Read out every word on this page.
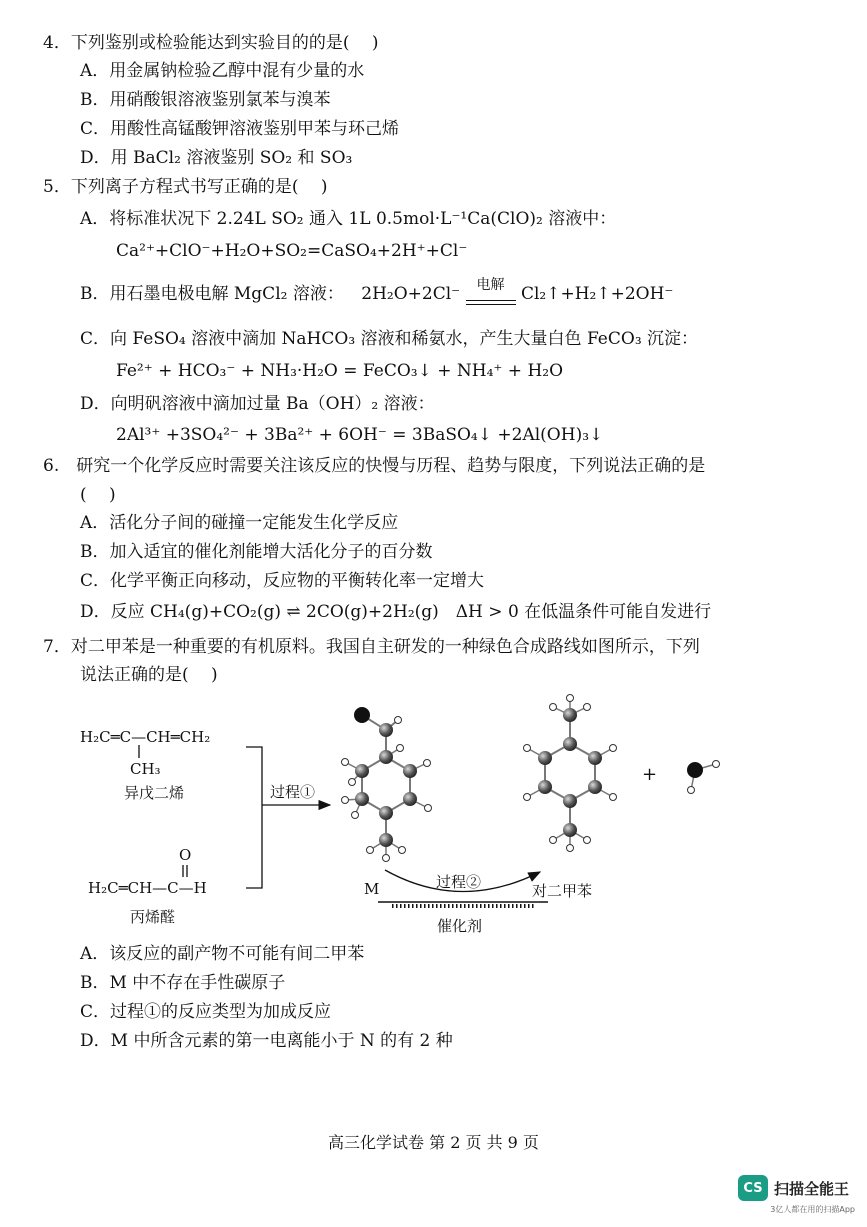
4．下列鉴别或检验能达到实验目的的是(　 )
A．用金属钠检验乙醇中混有少量的水
B．用硝酸银溶液鉴别氯苯与溴苯
C．用酸性高锰酸钾溶液鉴别甲苯与环己烯
D．用 BaCl₂ 溶液鉴别 SO₂ 和 SO₃
5．下列离子方程式书写正确的是(　 )
A．将标准状况下 2.24L SO₂ 通入 1L 0.5mol·L⁻¹Ca(ClO)₂ 溶液中：
Ca²⁺+ClO⁻+H₂O+SO₂=CaSO₄+2H⁺+Cl⁻
B．用石墨电极电解 MgCl₂ 溶液： 2H₂O+2Cl⁻	电解 Cl₂↑+H₂↑+2OH⁻
C．向 FeSO₄ 溶液中滴加 NaHCO₃ 溶液和稀氨水，产生大量白色 FeCO₃ 沉淀：
Fe²⁺ + HCO₃⁻ + NH₃·H₂O = FeCO₃↓ + NH₄⁺ + H₂O
D．向明矾溶液中滴加过量 Ba（OH）₂ 溶液：
2Al³⁺ +3SO₄²⁻ + 3Ba²⁺ + 6OH⁻ = 3BaSO₄↓ +2Al(OH)₃↓
6.　研究一个化学反应时需要关注该反应的快慢与历程、趋势与限度，下列说法正确的是
(　 )
A．活化分子间的碰撞一定能发生化学反应
B．加入适宜的催化剂能增大活化分子的百分数
C．化学平衡正向移动，反应物的平衡转化率一定增大
D．反应 CH₄(g)+CO₂(g) ⇌ 2CO(g)+2H₂(g)　ΔH > 0 在低温条件可能自发进行
7．对二甲苯是一种重要的有机原料。我国自主研发的一种绿色合成路线如图所示，下列
说法正确的是(　 )
H₂C═C—CH═CH₂
CH₃
异戊二烯
O
H₂C═CH—C—H
丙烯醛
过程①
+
M	过程②	对二甲苯
催化剂
A．该反应的副产物不可能有间二甲苯
B．M 中不存在手性碳原子
C．过程①的反应类型为加成反应
D．M 中所含元素的第一电离能小于 N 的有 2 种
高三化学试卷 第 2 页 共 9 页
CS 扫描全能王
3亿人都在用的扫描App
